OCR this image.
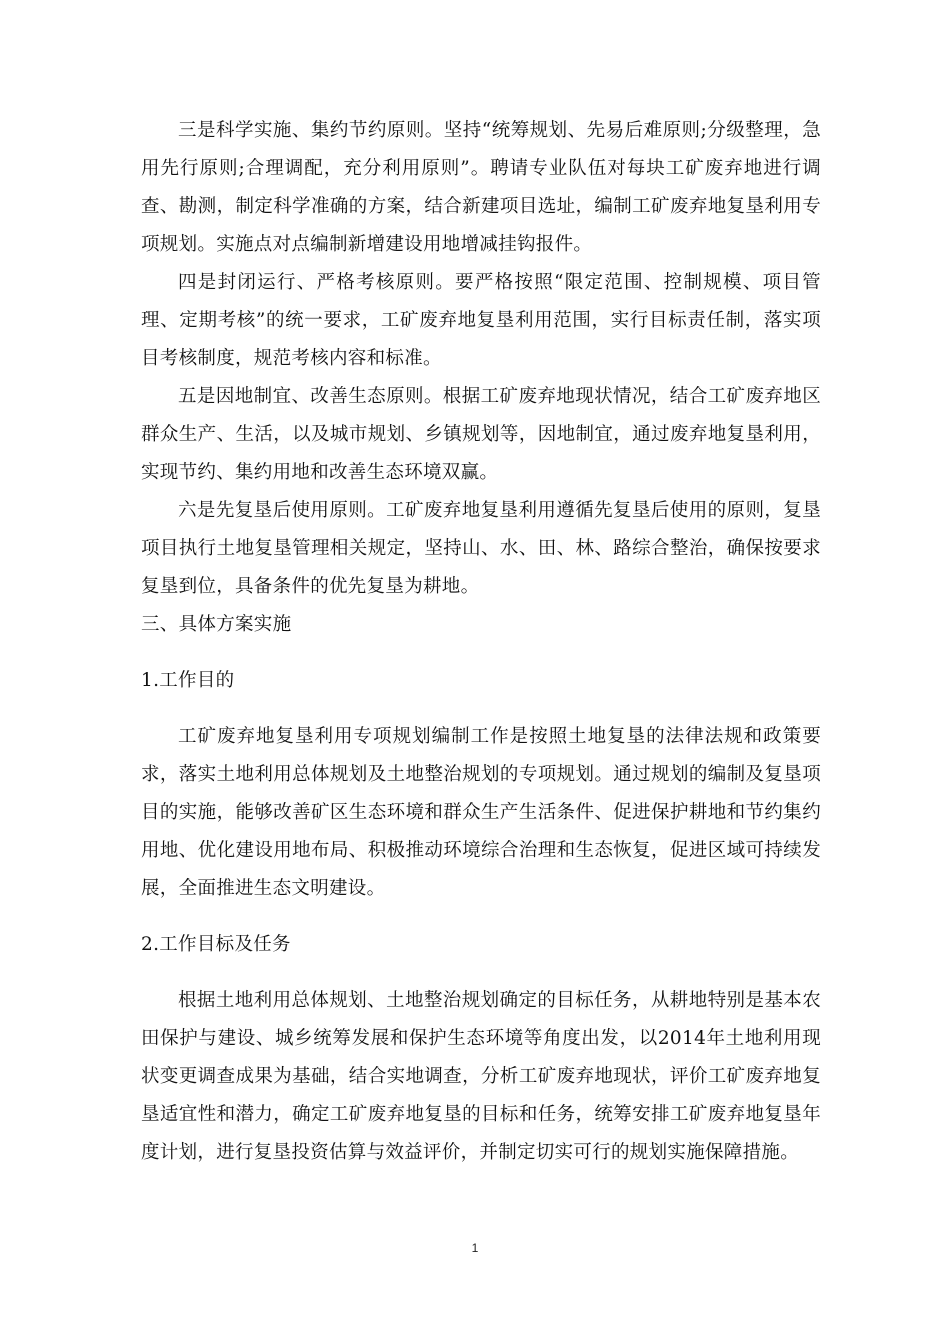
三是科学实施、集约节约原则。坚持“统筹规划、先易后难原则;分级整理，急用先行原则;合理调配，充分利用原则”。聘请专业队伍对每块工矿废弃地进行调查、勘测，制定科学准确的方案，结合新建项目选址，编制工矿废弃地复垦利用专项规划。实施点对点编制新增建设用地增减挂钩报件。

四是封闭运行、严格考核原则。要严格按照“限定范围、控制规模、项目管理、定期考核”的统一要求，工矿废弃地复垦利用范围，实行目标责任制，落实项目考核制度，规范考核内容和标准。

五是因地制宜、改善生态原则。根据工矿废弃地现状情况，结合工矿废弃地区群众生产、生活，以及城市规划、乡镇规划等，因地制宜，通过废弃地复垦利用，实现节约、集约用地和改善生态环境双赢。

六是先复垦后使用原则。工矿废弃地复垦利用遵循先复垦后使用的原则，复垦项目执行土地复垦管理相关规定，坚持山、水、田、林、路综合整治，确保按要求复垦到位，具备条件的优先复垦为耕地。

三、具体方案实施

1.工作目的

工矿废弃地复垦利用专项规划编制工作是按照土地复垦的法律法规和政策要求，落实土地利用总体规划及土地整治规划的专项规划。通过规划的编制及复垦项目的实施，能够改善矿区生态环境和群众生产生活条件、促进保护耕地和节约集约用地、优化建设用地布局、积极推动环境综合治理和生态恢复，促进区域可持续发展，全面推进生态文明建设。

2.工作目标及任务

根据土地利用总体规划、土地整治规划确定的目标任务，从耕地特别是基本农田保护与建设、城乡统筹发展和保护生态环境等角度出发，以2014年土地利用现状变更调查成果为基础，结合实地调查，分析工矿废弃地现状，评价工矿废弃地复垦适宜性和潜力，确定工矿废弃地复垦的目标和任务，统筹安排工矿废弃地复垦年度计划，进行复垦投资估算与效益评价，并制定切实可行的规划实施保障措施。

1
